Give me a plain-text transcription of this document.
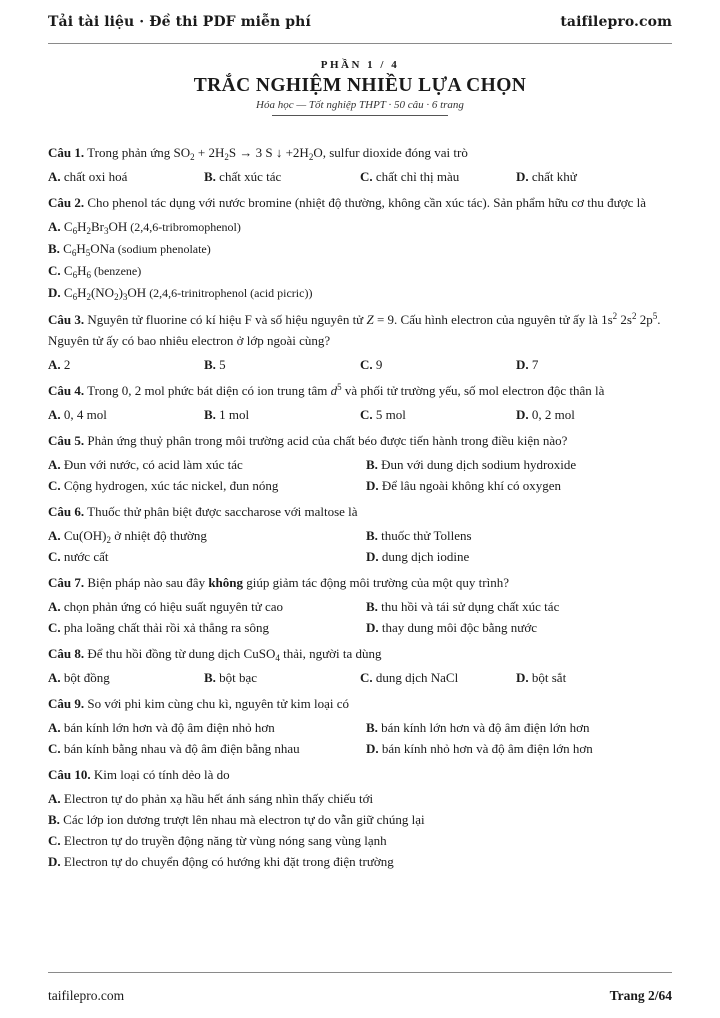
Tải tài liệu · Đề thi PDF miễn phí	taifilepro.com
PHẦN 1 / 4
TRẮC NGHIỆM NHIỀU LỰA CHỌN
Hóa học — Tốt nghiệp THPT · 50 câu · 6 trang
Câu 1. Trong phản ứng $SO_2 + 2H_2S \to 3$ S ↓ $+2H_2O$, sulfur dioxide đóng vai trò
A. chất oxi hoá	B. chất xúc tác	C. chất chỉ thị màu	D. chất khử
Câu 2. Cho phenol tác dụng với nước bromine (nhiệt độ thường, không cần xúc tác). Sản phẩm hữu cơ thu được là
A. $C_6H_2Br_3OH$ (2,4,6-tribromophenol)
B. $C_6H_5ONa$ (sodium phenolate)
C. $C_6H_6$ (benzene)
D. $C_6H_2(NO_2)_3OH$ (2,4,6-trinitrophenol (acid picric))
Câu 3. Nguyên tử fluorine có kí hiệu F và số hiệu nguyên tử Z = 9. Cấu hình electron của nguyên tử ấy là $1s^2$ $2s^2$ $2p^5$. Nguyên tử ấy có bao nhiêu electron ở lớp ngoài cùng?
A. 2	B. 5	C. 9	D. 7
Câu 4. Trong 0, 2 mol phức bát diện có ion trung tâm $d^5$ và phối tử trường yếu, số mol electron độc thân là
A. 0, 4 mol	B. 1 mol	C. 5 mol	D. 0, 2 mol
Câu 5. Phản ứng thuỷ phân trong môi trường acid của chất béo được tiến hành trong điều kiện nào?
A. Đun với nước, có acid làm xúc tác	B. Đun với dung dịch sodium hydroxide
C. Cộng hydrogen, xúc tác nickel, đun nóng	D. Để lâu ngoài không khí có oxygen
Câu 6. Thuốc thử phân biệt được saccharose với maltose là
A. $Cu(OH)_2$ ở nhiệt độ thường	B. thuốc thử Tollens
C. nước cất	D. dung dịch iodine
Câu 7. Biện pháp nào sau đây không giúp giảm tác động môi trường của một quy trình?
A. chọn phản ứng có hiệu suất nguyên tử cao	B. thu hồi và tái sử dụng chất xúc tác
C. pha loãng chất thải rồi xả thẳng ra sông	D. thay dung môi độc bằng nước
Câu 8. Để thu hồi đồng từ dung dịch CuSO$_4$ thải, người ta dùng
A. bột đồng	B. bột bạc	C. dung dịch NaCl	D. bột sắt
Câu 9. So với phi kim cùng chu kì, nguyên tử kim loại có
A. bán kính lớn hơn và độ âm điện nhỏ hơn	B. bán kính lớn hơn và độ âm điện lớn hơn
C. bán kính bằng nhau và độ âm điện bằng nhau	D. bán kính nhỏ hơn và độ âm điện lớn hơn
Câu 10. Kim loại có tính dẻo là do
A. Electron tự do phản xạ hầu hết ánh sáng nhìn thấy chiếu tới
B. Các lớp ion dương trượt lên nhau mà electron tự do vẫn giữ chúng lại
C. Electron tự do truyền động năng từ vùng nóng sang vùng lạnh
D. Electron tự do chuyển động có hướng khi đặt trong điện trường
taifilepro.com	Trang 2/64
